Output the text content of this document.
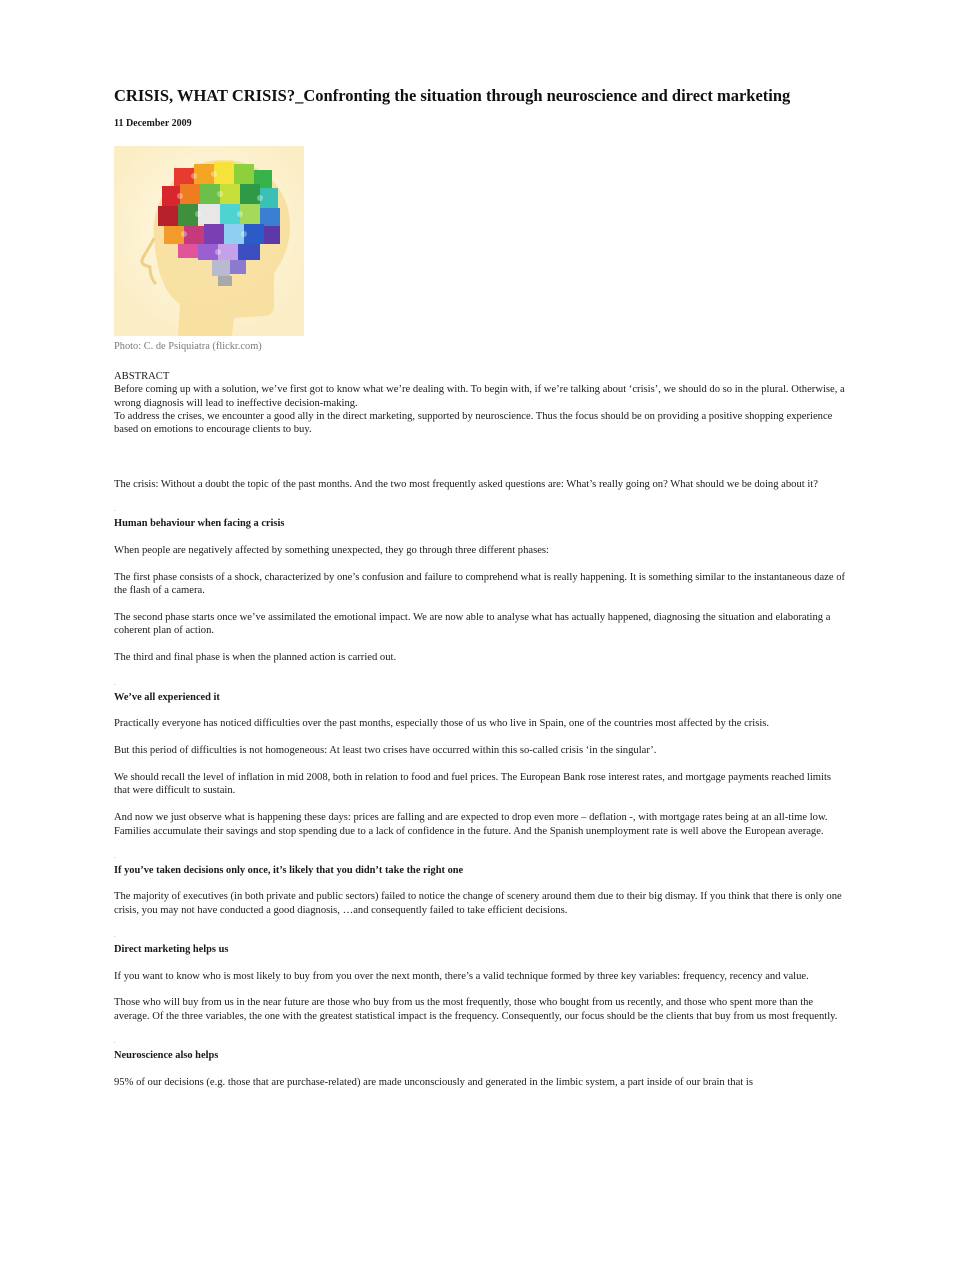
CRISIS, WHAT CRISIS?_Confronting the situation through neuroscience and direct marketing
11 December 2009
Photo: C. de Psiquiatra (flickr.com)
ABSTRACT

Before coming up with a solution, we’ve first got to know what we’re dealing with. To begin with, if we’re talking about ‘crisis’, we should do so in the plural. Otherwise, a wrong diagnosis will lead to ineffective decision-making.

To address the crises, we encounter a good ally in the direct marketing, supported by neuroscience. Thus the focus should be on providing a positive shopping experience based on emotions to encourage clients to buy.

The crisis: Without a doubt the topic of the past months. And the two most frequently asked questions are: What’s really going on? What should we be doing about it?

.
Human behaviour when facing a crisis

When people are negatively affected by something unexpected, they go through three different phases:

The first phase consists of a shock, characterized by one’s confusion and failure to comprehend what is really happening. It is something similar to the instantaneous daze of the flash of a camera.

The second phase starts once we’ve assimilated the emotional impact. We are now able to analyse what has actually happened, diagnosing the situation and elaborating a coherent plan of action.

The third and final phase is when the planned action is carried out.

.
We’ve all experienced it

Practically everyone has noticed difficulties over the past months, especially those of us who live in Spain, one of the countries most affected by the crisis.

But this period of difficulties is not homogeneous: At least two crises have occurred within this so-called crisis ‘in the singular’.

We should recall the level of inflation in mid 2008, both in relation to food and fuel prices. The European Bank rose interest rates, and mortgage payments reached limits that were difficult to sustain.

And now we just observe what is happening these days: prices are falling and are expected to drop even more – deflation -, with mortgage rates being at an all-time low. Families accumulate their savings and stop spending due to a lack of confidence in the future. And the Spanish unemployment rate is well above the European average.

.
If you’ve taken decisions only once, it’s likely that you didn’t take the right one

The majority of executives (in both private and public sectors) failed to notice the change of scenery around them due to their big dismay. If you think that there is only one crisis, you may not have conducted a good diagnosis, …and consequently failed to take efficient decisions.

.
Direct marketing helps us

If you want to know who is most likely to buy from you over the next month, there’s a valid technique formed by three key variables: frequency, recency and value.

Those who will buy from us in the near future are those who buy from us the most frequently, those who bought from us recently, and those who spent more than the average. Of the three variables, the one with the greatest statistical impact is the frequency. Consequently, our focus should be the clients that buy from us most frequently.

.
Neuroscience also helps

95% of our decisions (e.g. those that are purchase-related) are made unconsciously and generated in the limbic system, a part inside of our brain that is
